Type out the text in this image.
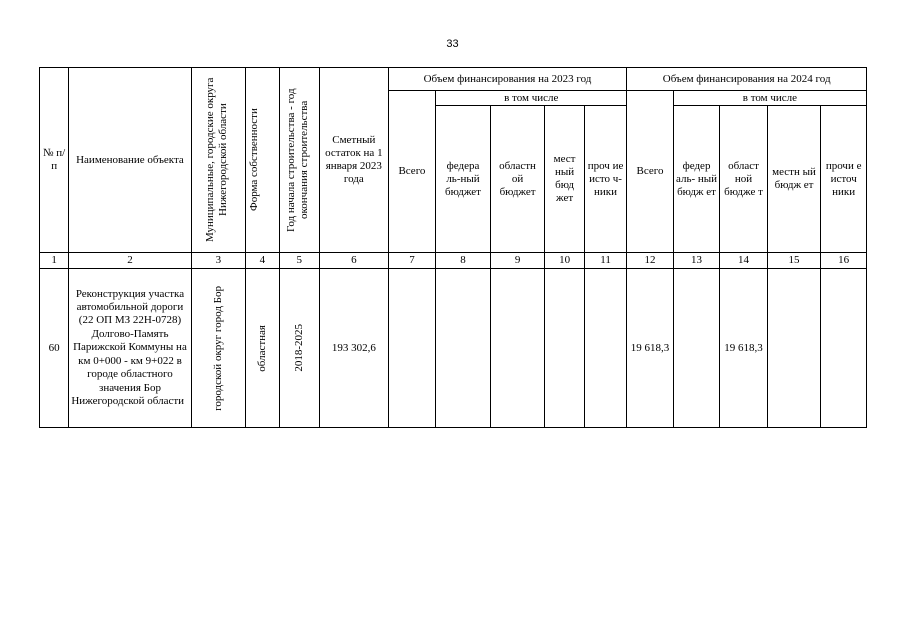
33
№ п/п	Наименование объекта	Муниципальные, городские округа Нижегородской области	Форма собственности	Год начала строительства - год окончания строительства	Сметный остаток на 1 января 2023 года	Объем финансирования на 2023 год					Объем финансирования на 2024 год				
						Всего	в том числе				Всего	в том числе			
							федера ль-ный бюджет	областн ой бюджет	мест ный бюд жет	проч ие исто ч- ники		федер аль- ный бюдж ет	област ной бюдже т	местн ый бюдж ет	прочи е источ ники
1	2	3	4	5	6	7	8	9	10	11	12	13	14	15	16
60	Реконструкция участка автомобильной дороги (22 ОП МЗ 22Н-0728) Долгово-Память Парижской Коммуны на км 0+000 - км 9+022 в городе областного значения Бор Нижегородской области	городской округ город Бор	областная	2018-2025	193 302,6						19 618,3		19 618,3		
